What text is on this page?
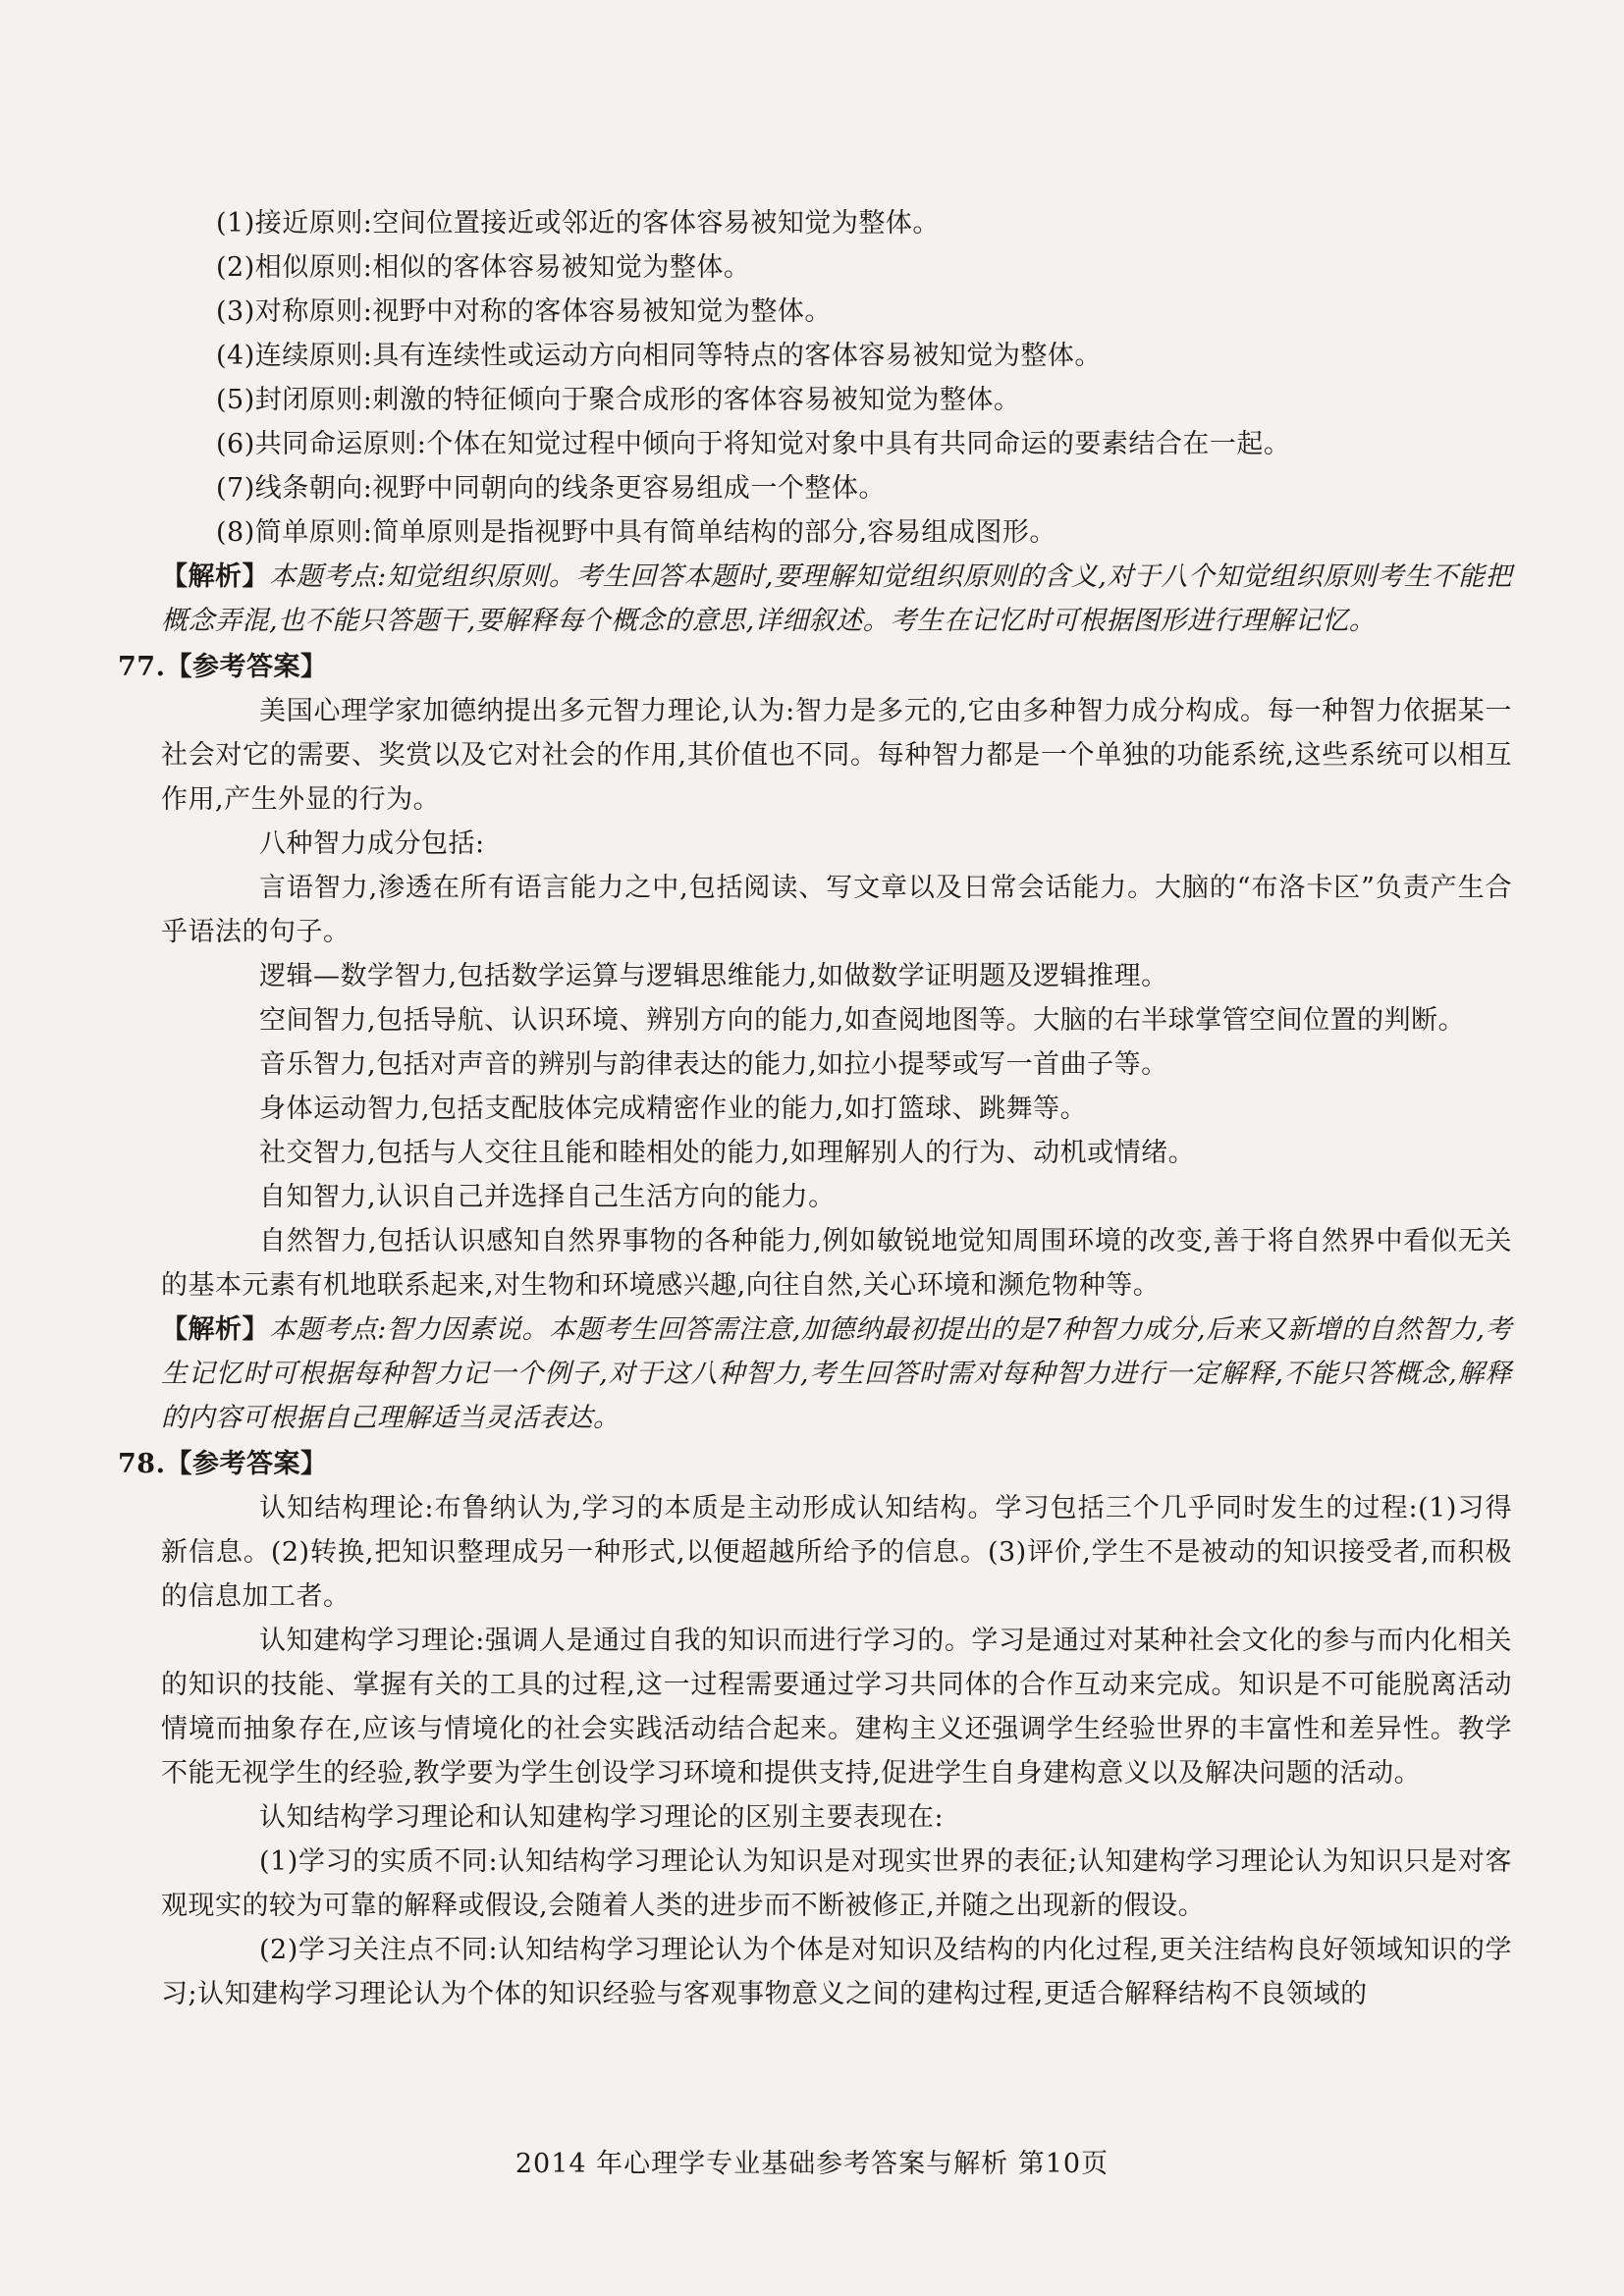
(1)接近原则:空间位置接近或邻近的客体容易被知觉为整体。

(2)相似原则:相似的客体容易被知觉为整体。

(3)对称原则:视野中对称的客体容易被知觉为整体。

(4)连续原则:具有连续性或运动方向相同等特点的客体容易被知觉为整体。

(5)封闭原则:刺激的特征倾向于聚合成形的客体容易被知觉为整体。

(6)共同命运原则:个体在知觉过程中倾向于将知觉对象中具有共同命运的要素结合在一起。

(7)线条朝向:视野中同朝向的线条更容易组成一个整体。

(8)简单原则:简单原则是指视野中具有简单结构的部分,容易组成图形。

【解析】本题考点:知觉组织原则。考生回答本题时,要理解知觉组织原则的含义,对于八个知觉组织原则考生不能把概念弄混,也不能只答题干,要解释每个概念的意思,详细叙述。考生在记忆时可根据图形进行理解记忆。

77.【参考答案】

美国心理学家加德纳提出多元智力理论,认为:智力是多元的,它由多种智力成分构成。每一种智力依据某一社会对它的需要、奖赏以及它对社会的作用,其价值也不同。每种智力都是一个单独的功能系统,这些系统可以相互作用,产生外显的行为。

八种智力成分包括:

言语智力,渗透在所有语言能力之中,包括阅读、写文章以及日常会话能力。大脑的“布洛卡区”负责产生合乎语法的句子。

逻辑—数学智力,包括数学运算与逻辑思维能力,如做数学证明题及逻辑推理。

空间智力,包括导航、认识环境、辨别方向的能力,如查阅地图等。大脑的右半球掌管空间位置的判断。

音乐智力,包括对声音的辨别与韵律表达的能力,如拉小提琴或写一首曲子等。

身体运动智力,包括支配肢体完成精密作业的能力,如打篮球、跳舞等。

社交智力,包括与人交往且能和睦相处的能力,如理解别人的行为、动机或情绪。

自知智力,认识自己并选择自己生活方向的能力。

自然智力,包括认识感知自然界事物的各种能力,例如敏锐地觉知周围环境的改变,善于将自然界中看似无关的基本元素有机地联系起来,对生物和环境感兴趣,向往自然,关心环境和濒危物种等。

【解析】本题考点:智力因素说。本题考生回答需注意,加德纳最初提出的是7种智力成分,后来又新增的自然智力,考生记忆时可根据每种智力记一个例子,对于这八种智力,考生回答时需对每种智力进行一定解释,不能只答概念,解释的内容可根据自己理解适当灵活表达。

78.【参考答案】

认知结构理论:布鲁纳认为,学习的本质是主动形成认知结构。学习包括三个几乎同时发生的过程:(1)习得新信息。(2)转换,把知识整理成另一种形式,以便超越所给予的信息。(3)评价,学生不是被动的知识接受者,而积极的信息加工者。

认知建构学习理论:强调人是通过自我的知识而进行学习的。学习是通过对某种社会文化的参与而内化相关的知识的技能、掌握有关的工具的过程,这一过程需要通过学习共同体的合作互动来完成。知识是不可能脱离活动情境而抽象存在,应该与情境化的社会实践活动结合起来。建构主义还强调学生经验世界的丰富性和差异性。教学不能无视学生的经验,教学要为学生创设学习环境和提供支持,促进学生自身建构意义以及解决问题的活动。

认知结构学习理论和认知建构学习理论的区别主要表现在:

(1)学习的实质不同:认知结构学习理论认为知识是对现实世界的表征;认知建构学习理论认为知识只是对客观现实的较为可靠的解释或假设,会随着人类的进步而不断被修正,并随之出现新的假设。

(2)学习关注点不同:认知结构学习理论认为个体是对知识及结构的内化过程,更关注结构良好领域知识的学习;认知建构学习理论认为个体的知识经验与客观事物意义之间的建构过程,更适合解释结构不良领域的

2014 年心理学专业基础参考答案与解析 第10页
